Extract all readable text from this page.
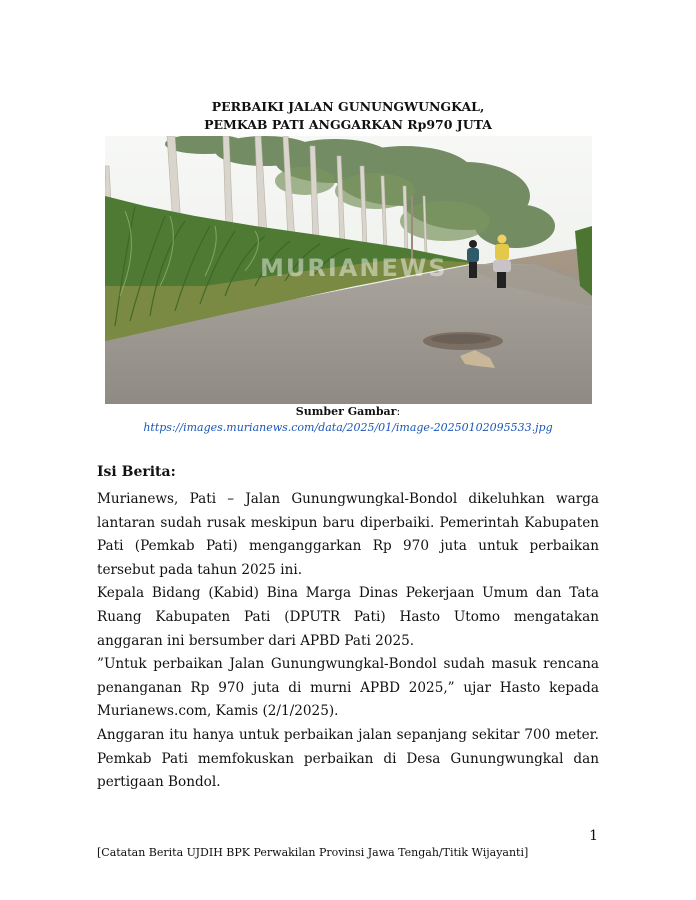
PERBAIKI JALAN GUNUNGWUNGKAL,
PEMKAB PATI ANGGARKAN Rp970 JUTA
MURIANEWS
Sumber Gambar:
https://images.murianews.com/data/2025/01/image-20250102095533.jpg
Isi Berita:

Murianews, Pati – Jalan Gunungwungkal-Bondol dikeluhkan warga lantaran sudah rusak meskipun baru diperbaiki. Pemerintah Kabupaten Pati (Pemkab Pati) menganggarkan Rp 970 juta untuk perbaikan tersebut pada tahun 2025 ini.

Kepala Bidang (Kabid) Bina Marga Dinas Pekerjaan Umum dan Tata Ruang Kabupaten Pati (DPUTR Pati) Hasto Utomo mengatakan anggaran ini bersumber dari APBD Pati 2025.

”Untuk perbaikan Jalan Gunungwungkal-Bondol sudah masuk rencana penanganan Rp 970 juta di murni APBD 2025,” ujar Hasto kepada Murianews.com, Kamis (2/1/2025).

Anggaran itu hanya untuk perbaikan jalan sepanjang sekitar 700 meter. Pemkab Pati memfokuskan perbaikan di Desa Gunungwungkal dan pertigaan Bondol.

1
[Catatan Berita UJDIH BPK Perwakilan Provinsi Jawa Tengah/Titik Wijayanti]
